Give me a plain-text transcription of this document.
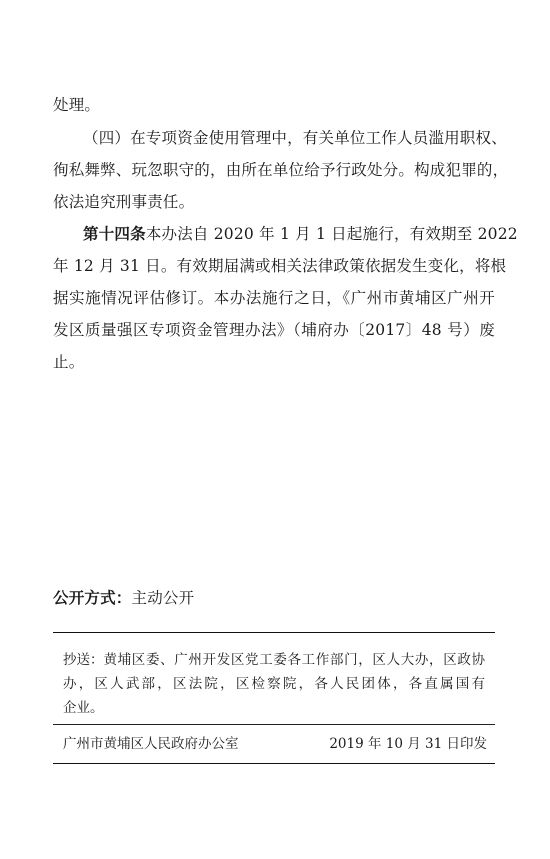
处理。
（四）在专项资金使用管理中，有关单位工作人员滥用职权、
徇私舞弊、玩忽职守的，由所在单位给予行政处分。构成犯罪的，
依法追究刑事责任。
第十四条 本办法自 2020 年 1 月 1 日起施行，有效期至 2022
年 12 月 31 日。有效期届满或相关法律政策依据发生变化，将根
据实施情况评估修订。本办法施行之日，《广州市黄埔区广州开
发区质量强区专项资金管理办法》（埔府办〔2017〕48 号）废
止。
公开方式：主动公开
抄送： 黄埔区委、广州开发区党工委各工作部门，区人大办，区政协
办，区人武部，区法院，区检察院，各人民团体，各直属国有
企业。
广州市黄埔区人民政府办公室	2019 年 10 月 31 日印发
